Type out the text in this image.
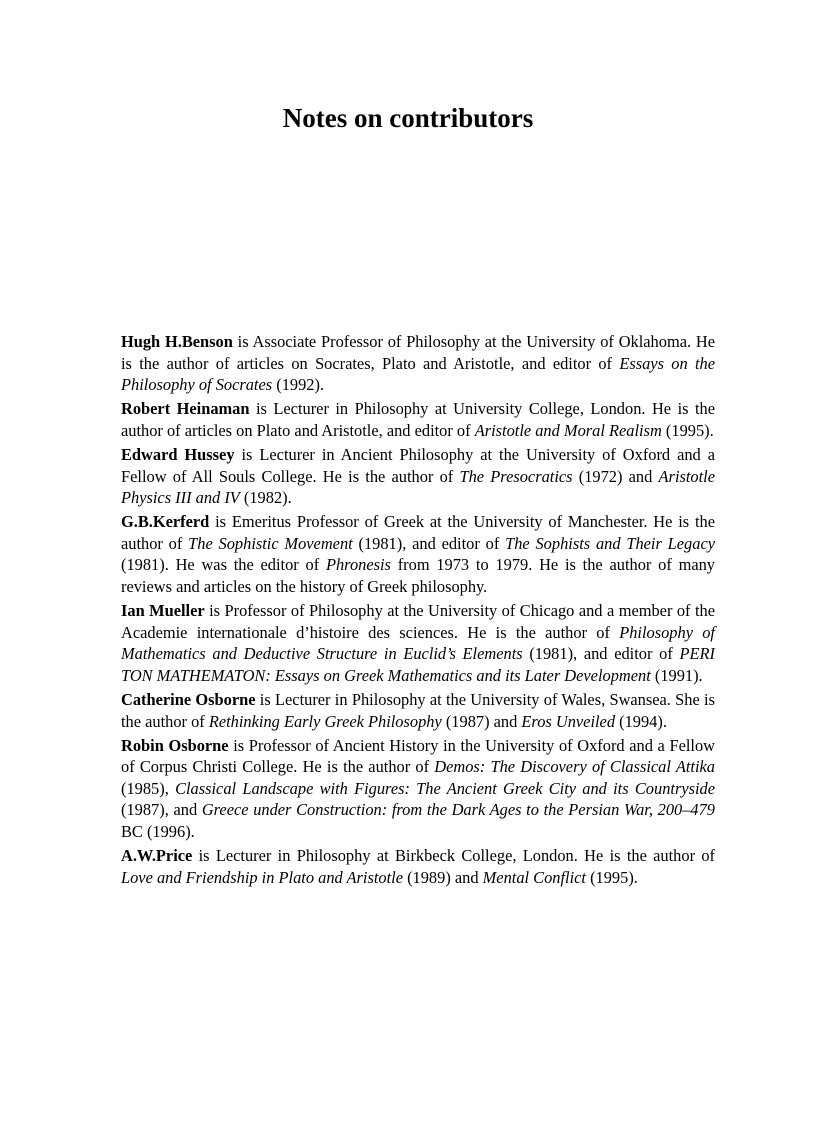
Notes on contributors

Hugh H.Benson is Associate Professor of Philosophy at the University of Oklahoma. He is the author of articles on Socrates, Plato and Aristotle, and editor of Essays on the Philosophy of Socrates (1992).

Robert Heinaman is Lecturer in Philosophy at University College, London. He is the author of articles on Plato and Aristotle, and editor of Aristotle and Moral Realism (1995).

Edward Hussey is Lecturer in Ancient Philosophy at the University of Oxford and a Fellow of All Souls College. He is the author of The Presocratics (1972) and Aristotle Physics III and IV (1982).

G.B.Kerferd is Emeritus Professor of Greek at the University of Manchester. He is the author of The Sophistic Movement (1981), and editor of The Sophists and Their Legacy (1981). He was the editor of Phronesis from 1973 to 1979. He is the author of many reviews and articles on the history of Greek philosophy.

Ian Mueller is Professor of Philosophy at the University of Chicago and a member of the Academie internationale d’histoire des sciences. He is the author of Philosophy of Mathematics and Deductive Structure in Euclid’s Elements (1981), and editor of PERI TON MATHEMATON: Essays on Greek Mathematics and its Later Development (1991).

Catherine Osborne is Lecturer in Philosophy at the University of Wales, Swansea. She is the author of Rethinking Early Greek Philosophy (1987) and Eros Unveiled (1994).

Robin Osborne is Professor of Ancient History in the University of Oxford and a Fellow of Corpus Christi College. He is the author of Demos: The Discovery of Classical Attika (1985), Classical Landscape with Figures: The Ancient Greek City and its Countryside (1987), and Greece under Construction: from the Dark Ages to the Persian War, 200–479 BC (1996).

A.W.Price is Lecturer in Philosophy at Birkbeck College, London. He is the author of Love and Friendship in Plato and Aristotle (1989) and Mental Conflict (1995).
